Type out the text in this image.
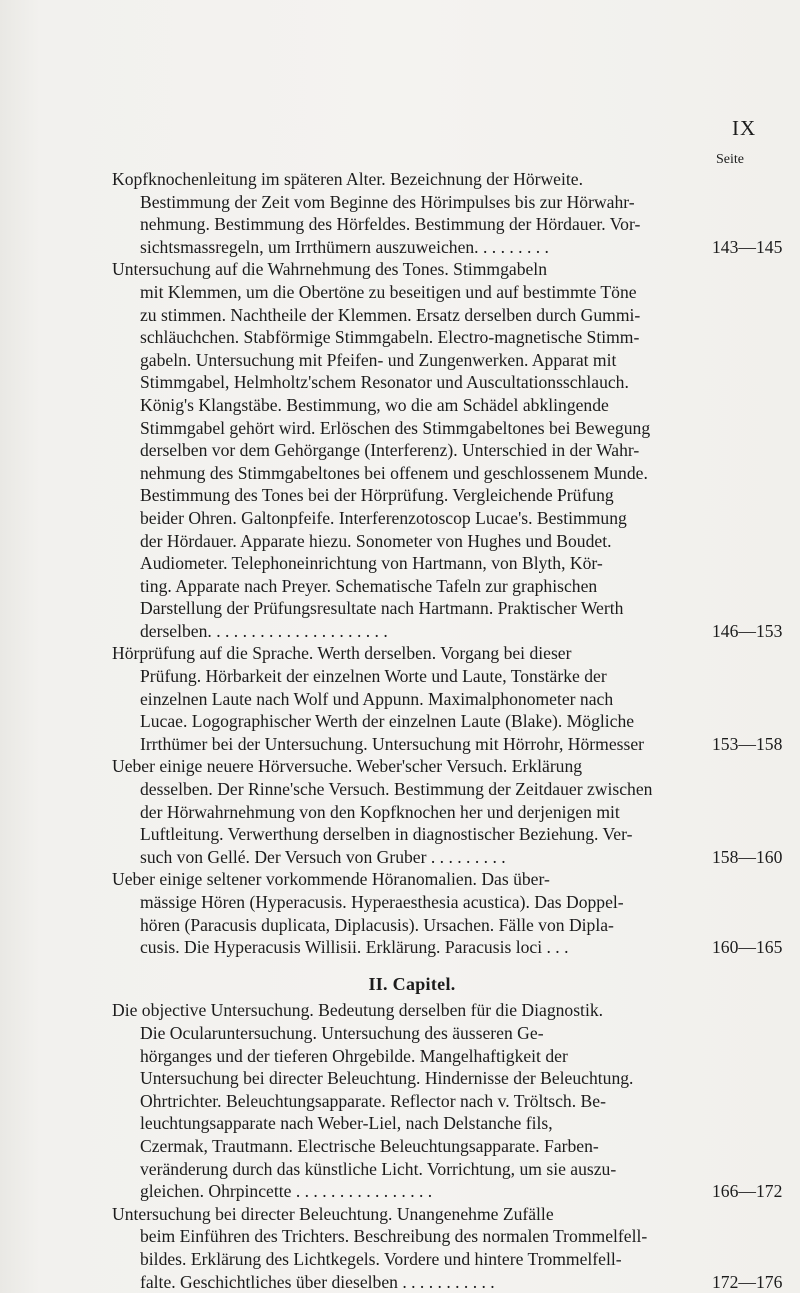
IX
Seite
Kopfknochenleitung im späteren Alter. Bezeichnung der Hörweite.
Bestimmung der Zeit vom Beginne des Hörimpulses bis zur Hörwahr-
nehmung. Bestimmung des Hörfeldes. Bestimmung der Hördauer. Vor-
sichtsmassregeln, um Irrthümern auszuweichen. . . . . . . . .	143—145
Untersuchung auf die Wahrnehmung des Tones. Stimmgabeln
mit Klemmen, um die Obertöne zu beseitigen und auf bestimmte Töne
zu stimmen. Nachtheile der Klemmen. Ersatz derselben durch Gummi-
schläuchchen. Stabförmige Stimmgabeln. Electro-magnetische Stimm-
gabeln. Untersuchung mit Pfeifen- und Zungenwerken. Apparat mit
Stimmgabel, Helmholtz'schem Resonator und Auscultationsschlauch.
König's Klangstäbe. Bestimmung, wo die am Schädel abklingende
Stimmgabel gehört wird. Erlöschen des Stimmgabeltones bei Bewegung
derselben vor dem Gehörgange (Interferenz). Unterschied in der Wahr-
nehmung des Stimmgabeltones bei offenem und geschlossenem Munde.
Bestimmung des Tones bei der Hörprüfung. Vergleichende Prüfung
beider Ohren. Galtonpfeife. Interferenzotoscop Lucae's. Bestimmung
der Hördauer. Apparate hiezu. Sonometer von Hughes und Boudet.
Audiometer. Telephoneinrichtung von Hartmann, von Blyth, Kör-
ting. Apparate nach Preyer. Schematische Tafeln zur graphischen
Darstellung der Prüfungsresultate nach Hartmann. Praktischer Werth
derselben. . . . . . . . . . . . . . . . . . . . .	146—153
Hörprüfung auf die Sprache. Werth derselben. Vorgang bei dieser
Prüfung. Hörbarkeit der einzelnen Worte und Laute, Tonstärke der
einzelnen Laute nach Wolf und Appunn. Maximalphonometer nach
Lucae. Logographischer Werth der einzelnen Laute (Blake). Mögliche
Irrthümer bei der Untersuchung. Untersuchung mit Hörrohr, Hörmesser	153—158
Ueber einige neuere Hörversuche. Weber'scher Versuch. Erklärung
desselben. Der Rinne'sche Versuch. Bestimmung der Zeitdauer zwischen
der Hörwahrnehmung von den Kopfknochen her und derjenigen mit
Luftleitung. Verwerthung derselben in diagnostischer Beziehung. Ver-
such von Gellé. Der Versuch von Gruber . . . . . . . . .	158—160
Ueber einige seltener vorkommende Höranomalien. Das über-
mässige Hören (Hyperacusis. Hyperaesthesia acustica). Das Doppel-
hören (Paracusis duplicata, Diplacusis). Ursachen. Fälle von Dipla-
cusis. Die Hyperacusis Willisii. Erklärung. Paracusis loci . . .	160—165
II. Capitel.
Die objective Untersuchung. Bedeutung derselben für die Diagnostik.
Die Ocularuntersuchung. Untersuchung des äusseren Ge-
hörganges und der tieferen Ohrgebilde. Mangelhaftigkeit der
Untersuchung bei directer Beleuchtung. Hindernisse der Beleuchtung.
Ohrtrichter. Beleuchtungsapparate. Reflector nach v. Tröltsch. Be-
leuchtungsapparate nach Weber-Liel, nach Delstanche fils,
Czermak, Trautmann. Electrische Beleuchtungsapparate. Farben-
veränderung durch das künstliche Licht. Vorrichtung, um sie auszu-
gleichen. Ohrpincette . . . . . . . . . . . . . . . .	166—172
Untersuchung bei directer Beleuchtung. Unangenehme Zufälle
beim Einführen des Trichters. Beschreibung des normalen Trommelfell-
bildes. Erklärung des Lichtkegels. Vordere und hintere Trommelfell-
falte. Geschichtliches über dieselben . . . . . . . . . . .	172—176
